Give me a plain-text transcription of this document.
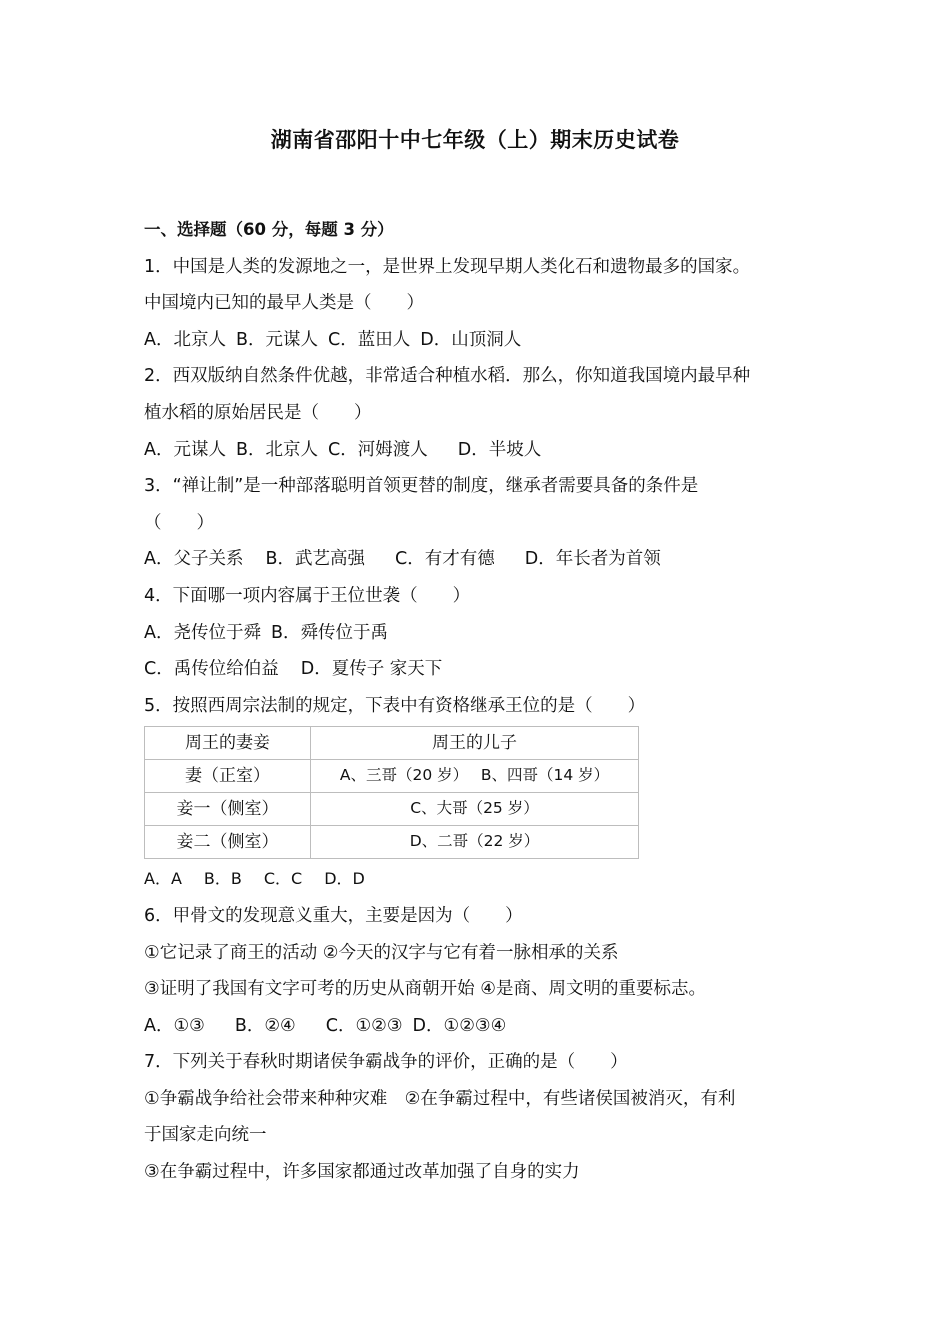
湖南省邵阳十中七年级（上）期末历史试卷
一、选择题（60 分，每题 3 分）
1．中国是人类的发源地之一，是世界上发现早期人类化石和遗物最多的国家。
中国境内已知的最早人类是（　　）
A．北京人 B．元谋人 C．蓝田人 D．山顶洞人
2．西双版纳自然条件优越，非常适合种植水稻．那么，你知道我国境内最早种
植水稻的原始居民是（　　）
A．元谋人 B．北京人 C．河姆渡人 D．半坡人
3．“禅让制”是一种部落聪明首领更替的制度，继承者需要具备的条件是
（　　）
A．父子关系 B．武艺高强 C．有才有德 D．年长者为首领
4．下面哪一项内容属于王位世袭（　　）
A．尧传位于舜 B．舜传位于禹
C．禹传位给伯益 D．夏传子 家天下
5．按照西周宗法制的规定，下表中有资格继承王位的是（　　）
周王的妻妾	周王的儿子
妻（正室）	A、三哥（20 岁）　 B、四哥（14 岁）
妾一（侧室）	C、大哥（25 岁）
妾二（侧室）	D、二哥（22 岁）
A．A B．B C．C D．D
6．甲骨文的发现意义重大，主要是因为（　　）
①它记录了商王的活动 ②今天的汉字与它有着一脉相承的关系
③证明了我国有文字可考的历史从商朝开始 ④是商、周文明的重要标志。
A．①③ B．②④ C．①②③ D．①②③④
7．下列关于春秋时期诸侯争霸战争的评价，正确的是（　　）
①争霸战争给社会带来种种灾难　②在争霸过程中，有些诸侯国被消灭，有利
于国家走向统一
③在争霸过程中，许多国家都通过改革加强了自身的实力
